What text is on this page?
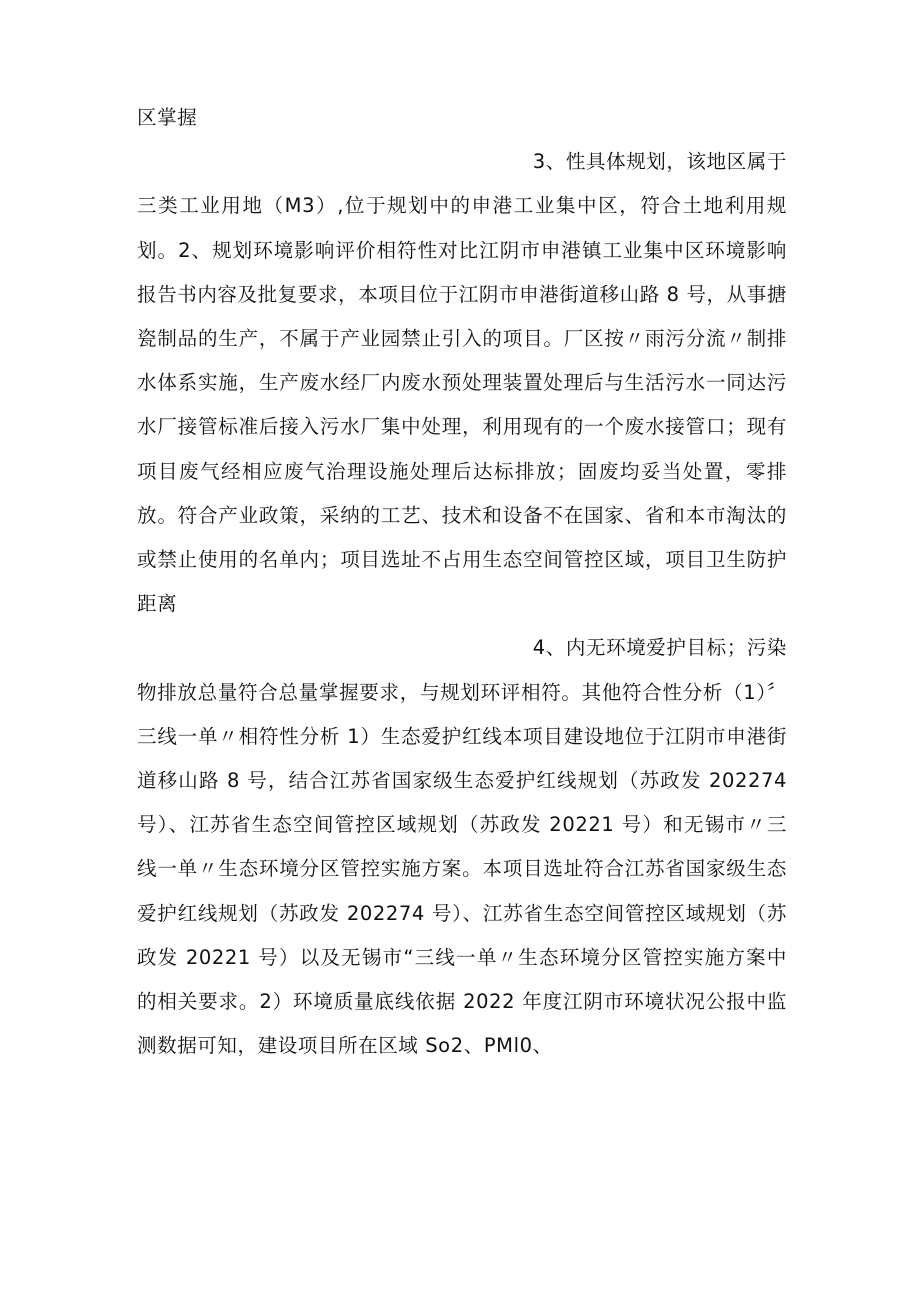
区掌握

3、性具体规划，该地区属于

三类工业用地（M3）,位于规划中的申港工业集中区，符合土地利用规划。2、规划环境影响评价相符性对比江阴市申港镇工业集中区环境影响报告书内容及批复要求，本项目位于江阴市申港街道移山路 8 号，从事搪瓷制品的生产，不属于产业园禁止引入的项目。厂区按〃雨污分流〃制排水体系实施，生产废水经厂内废水预处理装置处理后与生活污水一同达污水厂接管标准后接入污水厂集中处理，利用现有的一个废水接管口；现有项目废气经相应废气治理设施处理后达标排放；固废均妥当处置，零排放。符合产业政策，采纳的工艺、技术和设备不在国家、省和本市淘汰的或禁止使用的名单内；项目选址不占用生态空间管控区域，项目卫生防护距离

4、内无环境爱护目标；污染

物排放总量符合总量掌握要求，与规划环评相符。其他符合性分析（1）〞三线一单〃相符性分析 1）生态爱护红线本项目建设地位于江阴市申港街道移山路 8 号，结合江苏省国家级生态爱护红线规划（苏政发 202274 号）、江苏省生态空间管控区域规划（苏政发 20221 号）和无锡市〃三线一单〃生态环境分区管控实施方案。本项目选址符合江苏省国家级生态爱护红线规划（苏政发 202274 号）、江苏省生态空间管控区域规划（苏政发 20221 号）以及无锡市“三线一单〃生态环境分区管控实施方案中的相关要求。2）环境质量底线依据 2022 年度江阴市环境状况公报中监测数据可知，建设项目所在区域 So2、PMl0、
